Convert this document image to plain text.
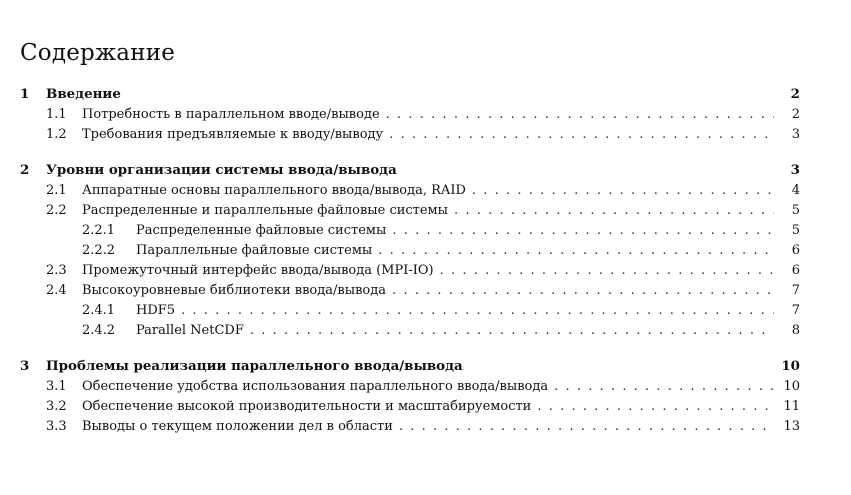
Содержание
1	Введение	2
1.1	Потребность в параллельном вводе/выводе . . .	2
1.2	Требования предъявляемые к вводу/выводу . . .	3
2	Уровни организации системы ввода/вывода	3
2.1	Аппаратные основы параллельного ввода/вывода, RAID . . .	4
2.2	Распределенные и параллельные файловые системы . . .	5
2.2.1	Распределенные файловые системы . . .	5
2.2.2	Параллельные файловые системы . . .	6
2.3	Промежуточный интерфейс ввода/вывода (MPI-IO) . . .	6
2.4	Высокоуровневые библиотеки ввода/вывода . . .	7
2.4.1	HDF5 . . .	7
2.4.2	Parallel NetCDF . . .	8
3	Проблемы реализации параллельного ввода/вывода	10
3.1	Обеспечение удобства использования параллельного ввода/вывода . . .	10
3.2	Обеспечение высокой производительности и масштабируемости . . .	11
3.3	Выводы о текущем положении дел в области . . .	13
